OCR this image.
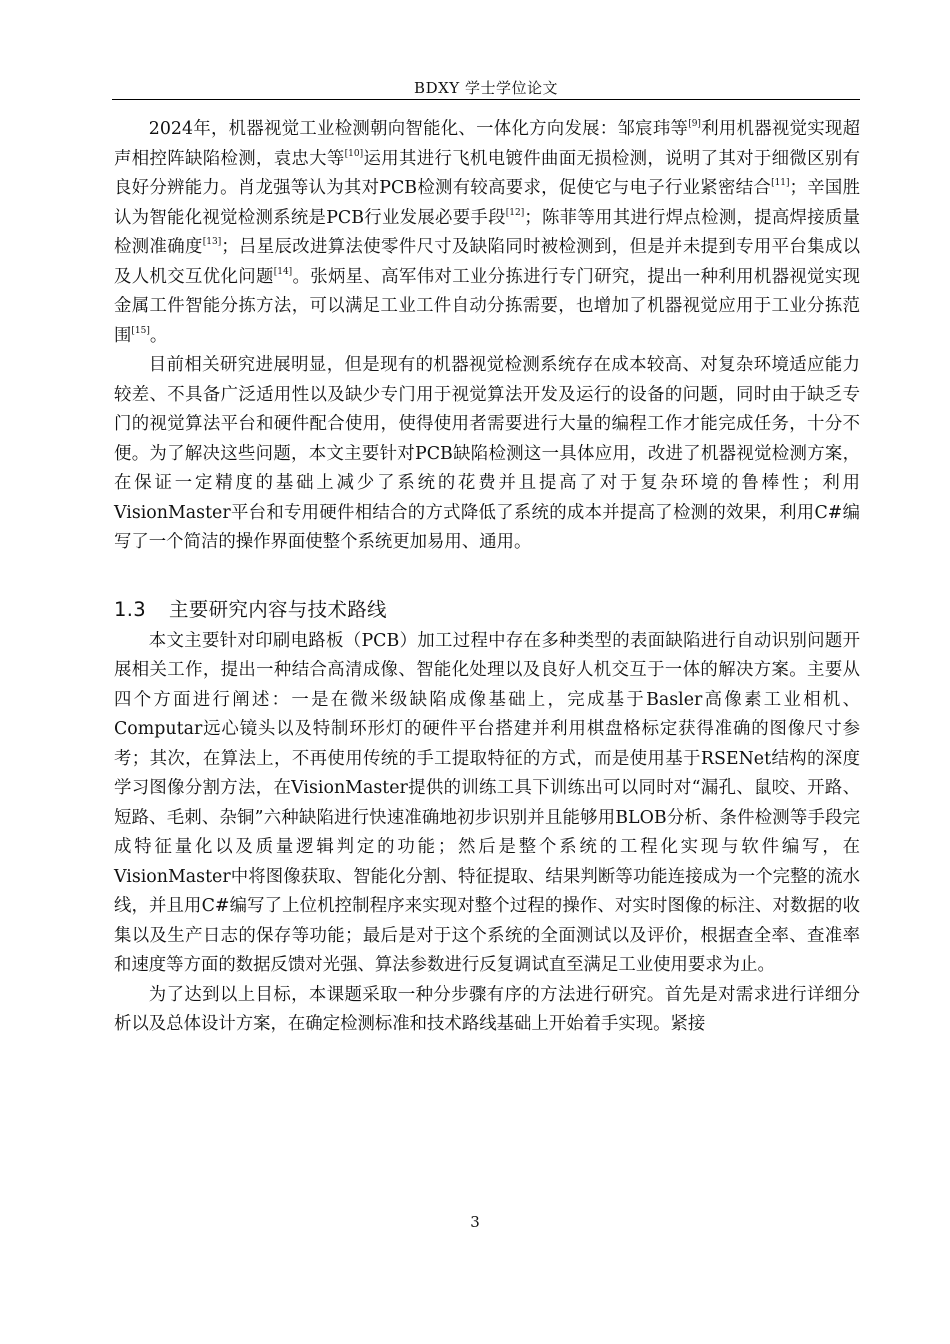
BDXY 学士学位论文

2024年，机器视觉工业检测朝向智能化、一体化方向发展：邹宸玮等[9]利用机器视觉实现超声相控阵缺陷检测，袁忠大等[10]运用其进行飞机电镀件曲面无损检测，说明了其对于细微区别有良好分辨能力。肖龙强等认为其对PCB检测有较高要求，促使它与电子行业紧密结合[11]；辛国胜认为智能化视觉检测系统是PCB行业发展必要手段[12]；陈菲等用其进行焊点检测，提高焊接质量检测准确度[13]；吕星辰改进算法使零件尺寸及缺陷同时被检测到，但是并未提到专用平台集成以及人机交互优化问题[14]。张炳星、高军伟对工业分拣进行专门研究，提出一种利用机器视觉实现金属工件智能分拣方法，可以满足工业工件自动分拣需要，也增加了机器视觉应用于工业分拣范围[15]。

目前相关研究进展明显，但是现有的机器视觉检测系统存在成本较高、对复杂环境适应能力较差、不具备广泛适用性以及缺少专门用于视觉算法开发及运行的设备的问题，同时由于缺乏专门的视觉算法平台和硬件配合使用，使得使用者需要进行大量的编程工作才能完成任务，十分不便。为了解决这些问题，本文主要针对PCB缺陷检测这一具体应用，改进了机器视觉检测方案，在保证一定精度的基础上减少了系统的花费并且提高了对于复杂环境的鲁棒性；利用VisionMaster平台和专用硬件相结合的方式降低了系统的成本并提高了检测的效果，利用C#编写了一个简洁的操作界面使整个系统更加易用、通用。

1.3 主要研究内容与技术路线

本文主要针对印刷电路板（PCB）加工过程中存在多种类型的表面缺陷进行自动识别问题开展相关工作，提出一种结合高清成像、智能化处理以及良好人机交互于一体的解决方案。主要从四个方面进行阐述：一是在微米级缺陷成像基础上，完成基于Basler高像素工业相机、Computar远心镜头以及特制环形灯的硬件平台搭建并利用棋盘格标定获得准确的图像尺寸参考；其次，在算法上，不再使用传统的手工提取特征的方式，而是使用基于RSENet结构的深度学习图像分割方法，在VisionMaster提供的训练工具下训练出可以同时对“漏孔、鼠咬、开路、短路、毛刺、杂铜”六种缺陷进行快速准确地初步识别并且能够用BLOB分析、条件检测等手段完成特征量化以及质量逻辑判定的功能；然后是整个系统的工程化实现与软件编写，在VisionMaster中将图像获取、智能化分割、特征提取、结果判断等功能连接成为一个完整的流水线，并且用C#编写了上位机控制程序来实现对整个过程的操作、对实时图像的标注、对数据的收集以及生产日志的保存等功能；最后是对于这个系统的全面测试以及评价，根据查全率、查准率和速度等方面的数据反馈对光强、算法参数进行反复调试直至满足工业使用要求为止。

为了达到以上目标，本课题采取一种分步骤有序的方法进行研究。首先是对需求进行详细分析以及总体设计方案，在确定检测标准和技术路线基础上开始着手实现。紧接

3
